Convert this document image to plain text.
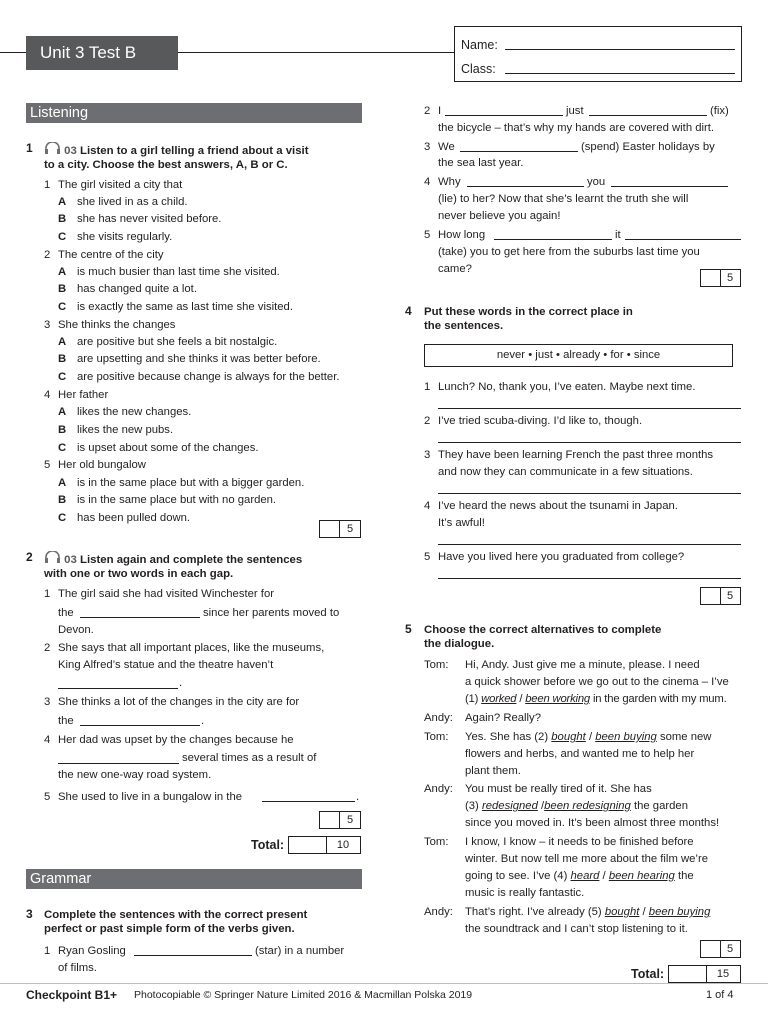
Unit 3 Test B	Name:
Class:
Listening
1	03 Listen to a girl telling a friend about a visit
to a city. Choose the best answers, A, B or C.
1 The girl visited a city that
A she lived in as a child.
B she has never visited before.
C she visits regularly.
2 The centre of the city
A is much busier than last time she visited.
B has changed quite a lot.
C is exactly the same as last time she visited.
3 She thinks the changes
A are positive but she feels a bit nostalgic.
B are upsetting and she thinks it was better before.
C are positive because change is always for the better.
4 Her father
A likes the new changes.
B likes the new pubs.
C is upset about some of the changes.
5 Her old bungalow
A is in the same place but with a bigger garden.
B is in the same place but with no garden.
C has been pulled down.
5
2	03 Listen again and complete the sentences
with one or two words in each gap.
1 The girl said she had visited Winchester for
the	since her parents moved to
Devon.
2 She says that all important places, like the museums,
King Alfred’s statue and the theatre haven’t
.
3 She thinks a lot of the changes in the city are for
the	.
4 Her dad was upset by the changes because he
several times as a result of
the new one-way road system.
5 She used to live in a bungalow in the	.
5
Total:	10
Grammar
3 Complete the sentences with the correct present
perfect or past simple form of the verbs given.
1 Ryan Gosling	(star) in a number
of films.
2 I	just	(fix)
the bicycle – that’s why my hands are covered with dirt.
3 We	(spend) Easter holidays by
the sea last year.
4 Why	you
(lie) to her? Now that she’s learnt the truth she will
never believe you again!
5 How long	it
(take) you to get here from the suburbs last time you
came?
5
4 Put these words in the correct place in
the sentences.
never • just • already • for • since
1 Lunch? No, thank you, I’ve eaten. Maybe next time.
2 I’ve tried scuba-diving. I’d like to, though.
3 They have been learning French the past three months
and now they can communicate in a few situations.
4 I’ve heard the news about the tsunami in Japan.
It’s awful!
5 Have you lived here you graduated from college?
5
5 Choose the correct alternatives to complete
the dialogue.
Tom: Hi, Andy. Just give me a minute, please. I need
a quick shower before we go out to the cinema – I’ve
(1) worked / been working in the garden with my mum.
Andy: Again? Really?
Tom: Yes. She has (2) bought / been buying some new
flowers and herbs, and wanted me to help her
plant them.
Andy: You must be really tired of it. She has
(3) redesigned /been redesigning the garden
since you moved in. It’s been almost three months!
Tom: I know, I know – it needs to be finished before
winter. But now tell me more about the film we’re
going to see. I’ve (4) heard / been hearing the
music is really fantastic.
Andy: That’s right. I’ve already (5) bought / been buying
the soundtrack and I can’t stop listening to it.
5
Total:	15
Checkpoint B1+ Photocopiable © Springer Nature Limited 2016 & Macmillan Polska 2019	1 of 4
